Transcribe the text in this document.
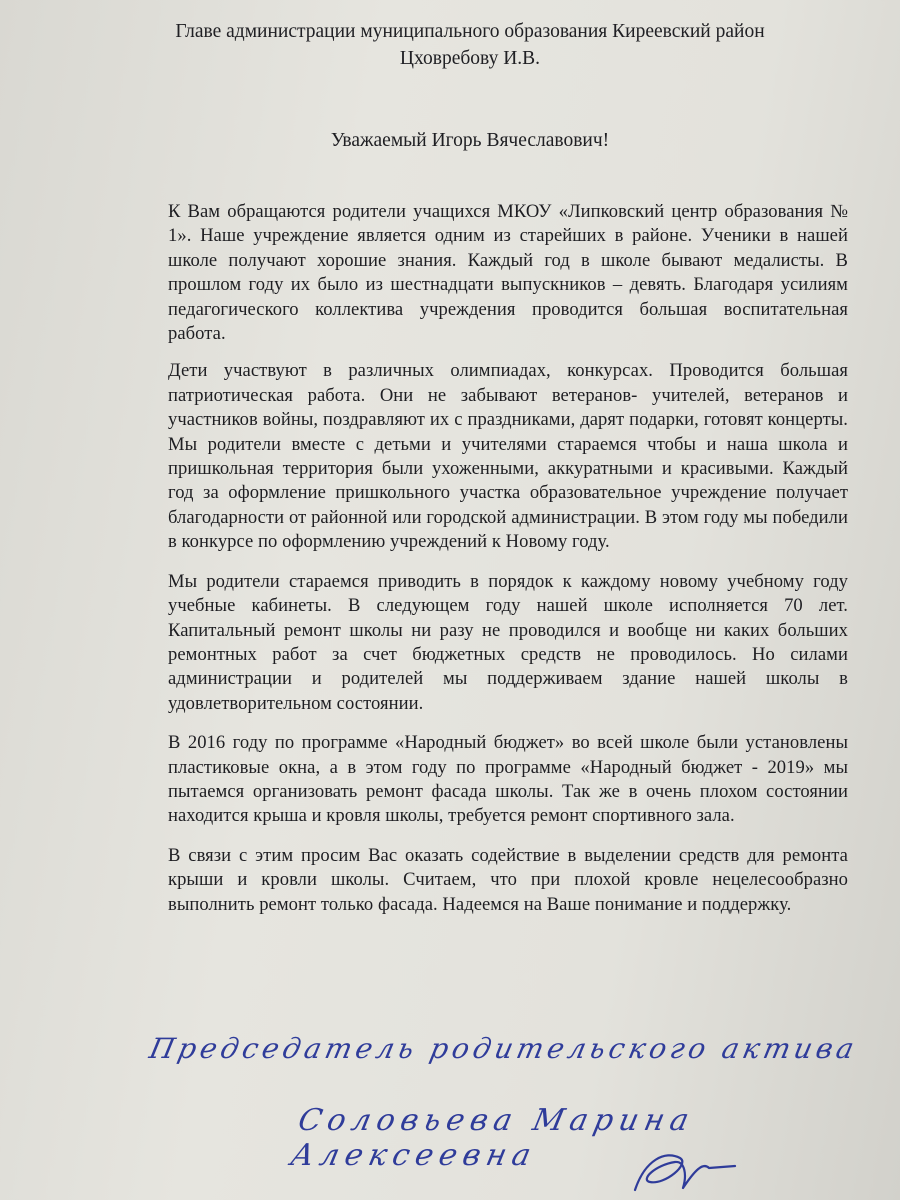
Главе администрации муниципального образования Киреевский район
Цховребову И.В.
Уважаемый Игорь Вячеславович!

К Вам обращаются родители учащихся МКОУ «Липковский центр образования № 1». Наше учреждение является одним из старейших в районе. Ученики в нашей школе получают хорошие знания. Каждый год в школе бывают медалисты. В прошлом году их было из шестнадцати выпускников – девять. Благодаря усилиям педагогического коллектива учреждения проводится большая воспитательная работа.

Дети участвуют в различных олимпиадах, конкурсах. Проводится большая патриотическая работа. Они не забывают ветеранов- учителей, ветеранов и участников войны, поздравляют их с праздниками, дарят подарки, готовят концерты. Мы родители вместе с детьми и учителями стараемся чтобы и наша школа и пришкольная территория были ухоженными, аккуратными и красивыми. Каждый год за оформление пришкольного участка образовательное учреждение получает благодарности от районной или городской администрации. В этом году мы победили в конкурсе по оформлению учреждений к Новому году.

Мы родители стараемся приводить в порядок к каждому новому учебному году учебные кабинеты. В следующем году нашей школе исполняется 70 лет. Капитальный ремонт школы ни разу не проводился и вообще ни каких больших ремонтных работ за счет бюджетных средств не проводилось. Но силами администрации и родителей мы поддерживаем здание нашей школы в удовлетворительном состоянии.

В 2016 году по программе «Народный бюджет» во всей школе были установлены пластиковые окна, а в этом году по программе «Народный бюджет - 2019» мы пытаемся организовать ремонт фасада школы. Так же в очень плохом состоянии находится крыша и кровля школы, требуется ремонт спортивного зала.

В связи с этим просим Вас оказать содействие в выделении средств для ремонта крыши и кровли школы. Считаем, что при плохой кровле нецелесообразно выполнить ремонт только фасада. Надеемся на Ваше понимание и поддержку.

Председатель родительского актива
Соловьева Марина Алексеевна
